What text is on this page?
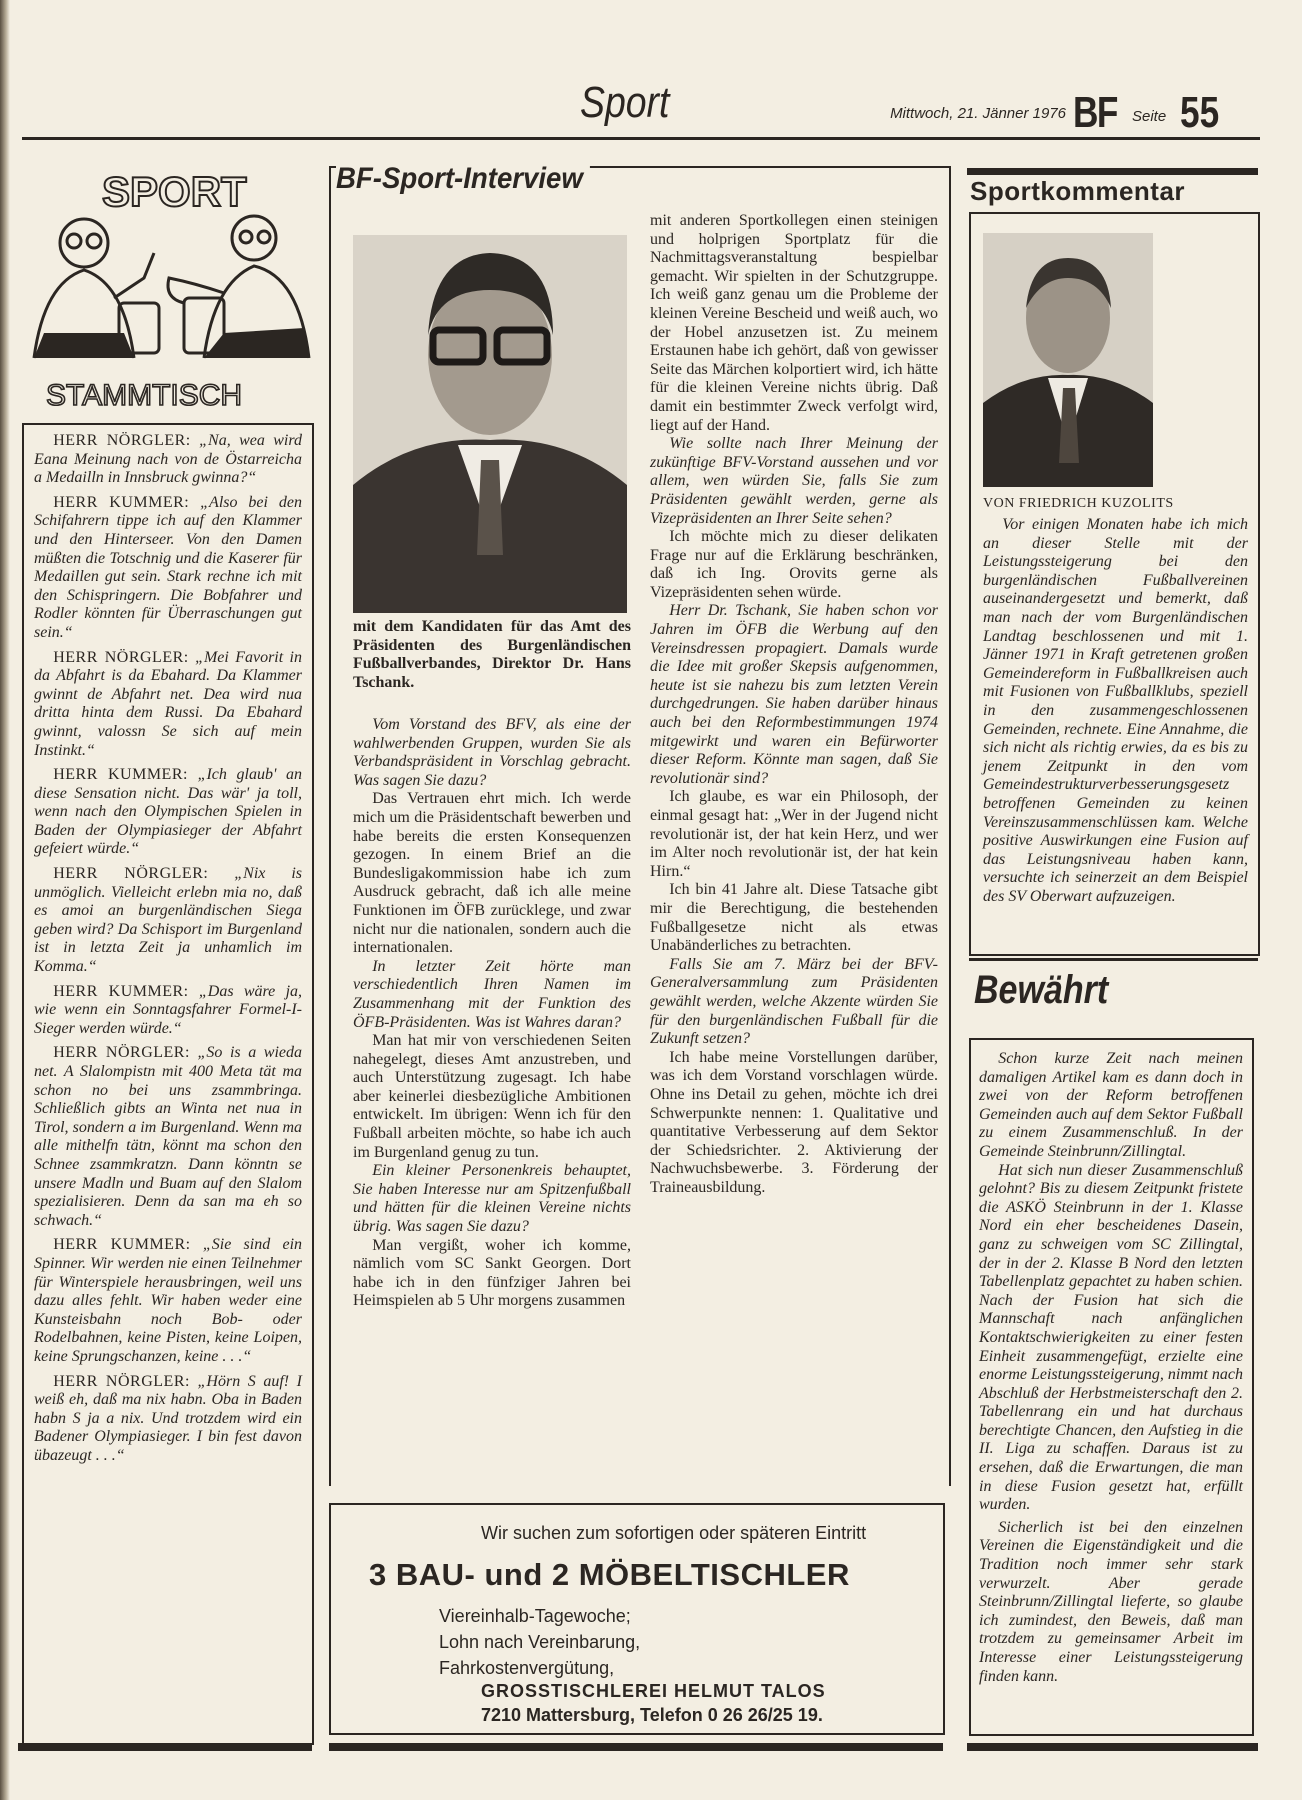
Sport	Mittwoch, 21. Jänner 1976 BF Seite 55
SPORT
STAMMTISCH

HERR NÖRGLER: „Na, wea wird Eana Meinung nach von de Östarreicha a Medailln in Innsbruck gwinna?“

HERR KUMMER: „Also bei den Schifahrern tippe ich auf den Klammer und den Hinterseer. Von den Damen müßten die Totschnig und die Kaserer für Medaillen gut sein. Stark rechne ich mit den Schispringern. Die Bobfahrer und Rodler könnten für Überraschungen gut sein.“

HERR NÖRGLER: „Mei Favorit in da Abfahrt is da Ebahard. Da Klammer gwinnt de Abfahrt net. Dea wird nua dritta hinta dem Russi. Da Ebahard gwinnt, valossn Se sich auf mein Instinkt.“

HERR KUMMER: „Ich glaub' an diese Sensation nicht. Das wär' ja toll, wenn nach den Olympischen Spielen in Baden der Olympiasieger der Abfahrt gefeiert würde.“

HERR NÖRGLER: „Nix is unmöglich. Vielleicht erlebn mia no, daß es amoi an burgenländischen Siega geben wird? Da Schisport im Burgenland ist in letzta Zeit ja unhamlich im Komma.“

HERR KUMMER: „Das wäre ja, wie wenn ein Sonntagsfahrer Formel-I-Sieger werden würde.“

HERR NÖRGLER: „So is a wieda net. A Slalompistn mit 400 Meta tät ma schon no bei uns zsammbringa. Schließlich gibts an Winta net nua in Tirol, sondern a im Burgenland. Wenn ma alle mithelfn tätn, könnt ma schon den Schnee zsammkratzn. Dann könntn se unsere Madln und Buam auf den Slalom spezialisieren. Denn da san ma eh so schwach.“

HERR KUMMER: „Sie sind ein Spinner. Wir werden nie einen Teilnehmer für Winterspiele herausbringen, weil uns dazu alles fehlt. Wir haben weder eine Kunsteisbahn noch Bob- oder Rodelbahnen, keine Pisten, keine Loipen, keine Sprungschanzen, keine . . .“

HERR NÖRGLER: „Hörn S auf! I weiß eh, daß ma nix habn. Oba in Baden habn S ja a nix. Und trotzdem wird ein Badener Olympiasieger. I bin fest davon übazeugt . . .“

BF-Sport-Interview
mit dem Kandidaten für das Amt des Präsidenten des Burgenländischen Fußballverbandes, Direktor Dr. Hans Tschank.

Vom Vorstand des BFV, als eine der wahlwerbenden Gruppen, wurden Sie als Verbandspräsident in Vorschlag gebracht. Was sagen Sie dazu?

Das Vertrauen ehrt mich. Ich werde mich um die Präsidentschaft bewerben und habe bereits die ersten Konsequenzen gezogen. In einem Brief an die Bundesligakommission habe ich zum Ausdruck gebracht, daß ich alle meine Funktionen im ÖFB zurücklege, und zwar nicht nur die nationalen, sondern auch die internationalen.

In letzter Zeit hörte man verschiedentlich Ihren Namen im Zusammenhang mit der Funktion des ÖFB-Präsidenten. Was ist Wahres daran?

Man hat mir von verschiedenen Seiten nahegelegt, dieses Amt anzustreben, und auch Unterstützung zugesagt. Ich habe aber keinerlei diesbezügliche Ambitionen entwickelt. Im übrigen: Wenn ich für den Fußball arbeiten möchte, so habe ich auch im Burgenland genug zu tun.

Ein kleiner Personenkreis behauptet, Sie haben Interesse nur am Spitzenfußball und hätten für die kleinen Vereine nichts übrig. Was sagen Sie dazu?

Man vergißt, woher ich komme, nämlich vom SC Sankt Georgen. Dort habe ich in den fünfziger Jahren bei Heimspielen ab 5 Uhr morgens zusammen

mit anderen Sportkollegen einen steinigen und holprigen Sportplatz für die Nachmittagsveranstaltung bespielbar gemacht. Wir spielten in der Schutzgruppe. Ich weiß ganz genau um die Probleme der kleinen Vereine Bescheid und weiß auch, wo der Hobel anzusetzen ist. Zu meinem Erstaunen habe ich gehört, daß von gewisser Seite das Märchen kolportiert wird, ich hätte für die kleinen Vereine nichts übrig. Daß damit ein bestimmter Zweck verfolgt wird, liegt auf der Hand.

Wie sollte nach Ihrer Meinung der zukünftige BFV-Vorstand aussehen und vor allem, wen würden Sie, falls Sie zum Präsidenten gewählt werden, gerne als Vizepräsidenten an Ihrer Seite sehen?

Ich möchte mich zu dieser delikaten Frage nur auf die Erklärung beschränken, daß ich Ing. Orovits gerne als Vizepräsidenten sehen würde.

Herr Dr. Tschank, Sie haben schon vor Jahren im ÖFB die Werbung auf den Vereinsdressen propagiert. Damals wurde die Idee mit großer Skepsis aufgenommen, heute ist sie nahezu bis zum letzten Verein durchgedrungen. Sie haben darüber hinaus auch bei den Reformbestimmungen 1974 mitgewirkt und waren ein Befürworter dieser Reform. Könnte man sagen, daß Sie revolutionär sind?

Ich glaube, es war ein Philosoph, der einmal gesagt hat: „Wer in der Jugend nicht revolutionär ist, der hat kein Herz, und wer im Alter noch revolutionär ist, der hat kein Hirn.“

Ich bin 41 Jahre alt. Diese Tatsache gibt mir die Berechtigung, die bestehenden Fußballgesetze nicht als etwas Unabänderliches zu betrachten.

Falls Sie am 7. März bei der BFV-Generalversammlung zum Präsidenten gewählt werden, welche Akzente würden Sie für den burgenländischen Fußball für die Zukunft setzen?

Ich habe meine Vorstellungen darüber, was ich dem Vorstand vorschlagen würde. Ohne ins Detail zu gehen, möchte ich drei Schwerpunkte nennen: 1. Qualitative und quantitative Verbesserung auf dem Sektor der Schiedsrichter. 2. Aktivierung der Nachwuchsbewerbe. 3. Förderung der Traineausbildung.

Wir suchen zum sofortigen oder späteren Eintritt
3 BAU- und 2 MÖBELTISCHLER
Viereinhalb-Tagewoche;
Lohn nach Vereinbarung,
Fahrkostenvergütung,
GROSSTISCHLEREI HELMUT TALOS
7210 Mattersburg, Telefon 0 26 26/25 19.
Sportkommentar
VON FRIEDRICH KUZOLITS

Vor einigen Monaten habe ich mich an dieser Stelle mit der Leistungssteigerung bei den burgenländischen Fußballvereinen auseinandergesetzt und bemerkt, daß man nach der vom Burgenländischen Landtag beschlossenen und mit 1. Jänner 1971 in Kraft getretenen großen Gemeindereform in Fußballkreisen auch mit Fusionen von Fußballklubs, speziell in den zusammengeschlossenen Gemeinden, rechnete. Eine Annahme, die sich nicht als richtig erwies, da es bis zu jenem Zeitpunkt in den vom Gemeindestrukturverbesserungsgesetz betroffenen Gemeinden zu keinen Vereinszusammenschlüssen kam. Welche positive Auswirkungen eine Fusion auf das Leistungsniveau haben kann, versuchte ich seinerzeit an dem Beispiel des SV Oberwart aufzuzeigen.

Bewährt

Schon kurze Zeit nach meinen damaligen Artikel kam es dann doch in zwei von der Reform betroffenen Gemeinden auch auf dem Sektor Fußball zu einem Zusammenschluß. In der Gemeinde Steinbrunn/Zillingtal.

Hat sich nun dieser Zusammenschluß gelohnt? Bis zu diesem Zeitpunkt fristete die ASKÖ Steinbrunn in der 1. Klasse Nord ein eher bescheidenes Dasein, ganz zu schweigen vom SC Zillingtal, der in der 2. Klasse B Nord den letzten Tabellenplatz gepachtet zu haben schien. Nach der Fusion hat sich die Mannschaft nach anfänglichen Kontaktschwierigkeiten zu einer festen Einheit zusammengefügt, erzielte eine enorme Leistungssteigerung, nimmt nach Abschluß der Herbstmeisterschaft den 2. Tabellenrang ein und hat durchaus berechtigte Chancen, den Aufstieg in die II. Liga zu schaffen. Daraus ist zu ersehen, daß die Erwartungen, die man in diese Fusion gesetzt hat, erfüllt wurden.

Sicherlich ist bei den einzelnen Vereinen die Eigenständigkeit und die Tradition noch immer sehr stark verwurzelt. Aber gerade Steinbrunn/Zillingtal lieferte, so glaube ich zumindest, den Beweis, daß man trotzdem zu gemeinsamer Arbeit im Interesse einer Leistungssteigerung finden kann.
